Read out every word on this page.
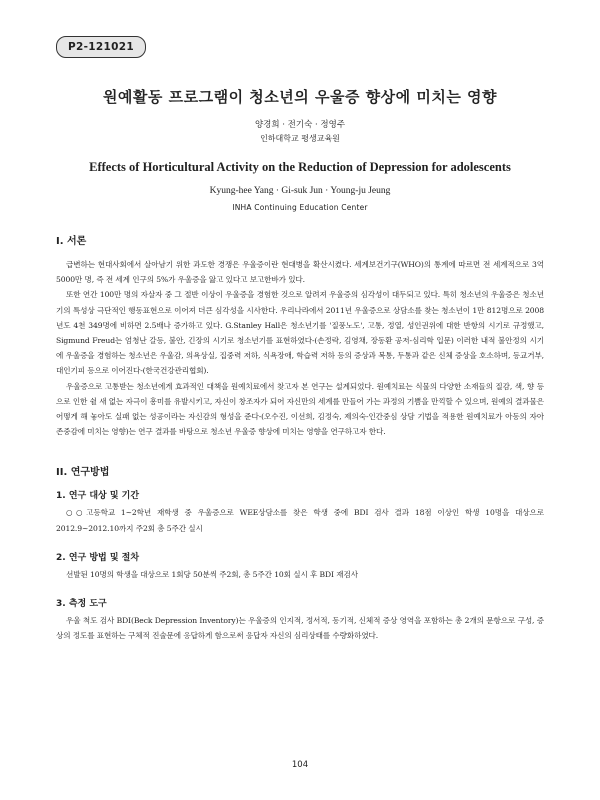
P2-121021
원예활동 프로그램이 청소년의 우울증 향상에 미치는 영향
양경희 · 전기숙 · 정영주
인하대학교 평생교육원
Effects of Horticultural Activity on the Reduction of Depression for adolescents
Kyung-hee Yang · Gi-suk Jun · Young-ju Jeung
INHA Continuing Education Center
I. 서론

급변하는 현대사회에서 살아남기 위한 과도한 경쟁은 우울증이란 현대병을 확산시켰다. 세계보건기구(WHO)의 통계에 따르면 전 세계적으로 3억 5000만 명, 즉 전 세계 인구의 5%가 우울증을 앓고 있다고 보고한바가 있다.

또한 연간 100만 명의 자살자 중 그 절반 이상이 우울증을 경험한 것으로 알려져 우울증의 심각성이 대두되고 있다. 특히 청소년의 우울증은 청소년기의 특성상 극단적인 행동표현으로 이어져 더큰 심각성을 시사한다. 우리나라에서 2011년 우울증으로 상담소를 찾는 청소년이 1만 812명으로 2008년도 4천 349명에 비하면 2.5배나 증가하고 있다. G.Stanley Hall은 청소년기를 '질풍노도', 고통, 정열, 성인권위에 대한 반항의 시기로 규정했고, Sigmund Freud는 엄청난 갈등, 불안, 긴장의 시기로 청소년기를 표현하였다-(손정락, 김영채, 장동환 공저-심리학 입문) 이러한 내적 불안정의 시기에 우울증을 경험하는 청소년은 우울감, 의욕상실, 집중력 저하, 식욕장애, 학습력 저하 등의 증상과 복통, 두통과 같은 신체 증상을 호소하며, 등교거부, 대인기피 등으로 이어진다-(한국건강관리협회).

우울증으로 고통받는 청소년에게 효과적인 대책을 원예치료에서 찾고자 본 연구는 설계되었다. 원예치료는 식물의 다양한 소재들의 질감, 색, 향 등으로 인한 쉴 새 없는 자극이 흥미를 유발시키고, 자신이 창조자가 되어 자신만의 세계를 만들어 가는 과정의 기쁨을 만끽할 수 있으며, 원예의 결과물은 어떻게 해 놓아도 실패 없는 성공이라는 자신감의 형성을 준다-(오수진, 이선희, 김정숙, 제의숙-인간중심 상담 기법을 적용한 원예치료가 아동의 자아존중감에 미치는 영향)는 연구 결과를 바탕으로 청소년 우울증 향상에 미치는 영향을 연구하고자 한다.

II. 연구방법
1. 연구 대상 및 기간

○○고등학교 1~2학년 재학생 중 우울증으로 WEE상담소를 찾은 학생 중에 BDI 검사 결과 18점 이상인 학생 10명을 대상으로 2012.9~2012.10까지 주2회 총 5주간 실시

2. 연구 방법 및 절차

선발된 10명의 학생을 대상으로 1회당 50분씩 주2회, 총 5주간 10회 실시 후 BDI 재검사

3. 측정 도구

우울 척도 검사 BDI(Beck Depression Inventory)는 우울증의 인지적, 정서적, 동기적, 신체적 증상 영역을 포함하는 총 2개의 문항으로 구성, 증상의 정도를 표현하는 구체적 진술문에 응답하게 함으로써 응답자 자신의 심리상태를 수량화하였다.

104
